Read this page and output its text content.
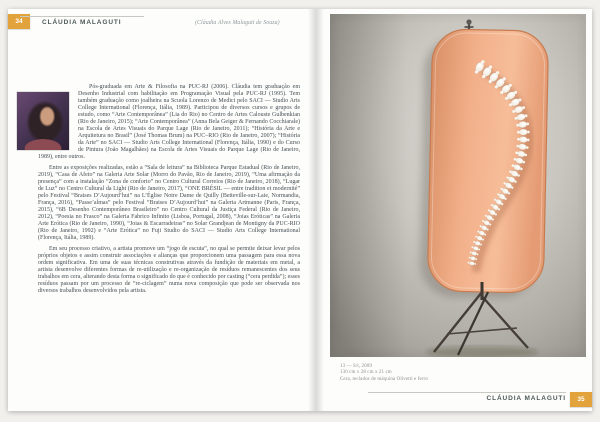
34	CLÁUDIA MALAGUTI	(Cláudia Alves Malaguti de Souza)

Pós-graduada em Arte & Filosofia na PUC-RJ (2006). Cláudia tem graduação em Desenho Industrial com habilitação em Programação Visual pela PUC-RJ (1995). Tem também graduação como joalheira na Scuola Lorenzo de Medici pelo SACI — Studio Arts College International (Florença, Itália, 1989). Participou de diversos cursos e grupos de estudo, como “Arte Contemporânea” (Lia do Rio) no Centro de Artes Calouste Gulbenkian (Rio de Janeiro, 2015); “Arte Contemporânea” (Anna Bela Geiger & Fernando Cocchiarale) na Escola de Artes Visuais do Parque Lage (Rio de Janeiro, 2011); “História da Arte e Arquitetura no Brasil” (José Thomas Brum) na PUC–RIO (Rio de Janeiro, 2007); “História da Arte” no SACI — Studio Arts College International (Florença, Itália, 1990) e do Curso de Pintura (João Magalhães) na Escola de Artes Visuais do Parque Lage (Rio de Janeiro, 1989), entre outros.

Entre as exposições realizadas, estão a “Sala de leitura” na Biblioteca Parque Estadual (Rio de Janeiro, 2019), “Casa de Afeto” na Galeria Arte Solar (Morro do Pavão, Rio de Janeiro, 2019), “Uma afirmação da presença” com a instalação “Zona de conforto” no Centro Cultural Correios (Rio de Janeiro, 2018), “Lugar de Luz” no Centro Cultural da Light (Rio de Janeiro, 2017), “ONE BRÉSIL — entre tradition et modernité” pelo Festival “Braises D’Aujourd’hui” na L’Église Notre Dame de Quilly (Betteville-sur-Laie, Normandia, França, 2016), “Passe’almas” pelo Festival “Braises D’Aujourd’hui” na Galeria Artmanne (Paris, França, 2015), “6B Desenho Contemporâneo Brasileiro” no Centro Cultural da Justiça Federal (Rio de Janeiro, 2012), “Poesia no Frasco” na Galeria Fabrico Infinito (Lisboa, Portugal, 2008), “Joias Eróticas” na Galeria Arte Erótica (Rio de Janeiro, 1990), “Joias & Escarradeiras” no Solar Grandjean de Montigny da PUC-RIO (Rio de Janeiro, 1992) e “Arte Erótica” no Fuji Studio do SACI — Studio Arts College International (Florença, Itália, 1989).

Em seu processo criativo, a artista promove um “jogo de escuta”, no qual se permite deixar levar pelos próprios objetos e assim construir associações e alianças que proporcionem uma passagem para essa nova ordem significativa. Em uma de suas técnicas construtivas através da fundição de materiais em metal, a artista desenvolve diferentes formas de re-utilização e re-organização de resíduos remanescentes dos seus trabalhos em cera, alterando desta forma o significado do que é conhecido por casting (“cera perdida”); esses resíduos passam por um processo de “re-ciclagem” numa nova composição que pode ser observada nos diversos trabalhos desenvolvidos pela artista.

13 — S/t, 2009
130 cm x 28 cm x 21 cm
Cera, teclados de máquina Olivetti e ferro
CLÁUDIA MALAGUTI 35
